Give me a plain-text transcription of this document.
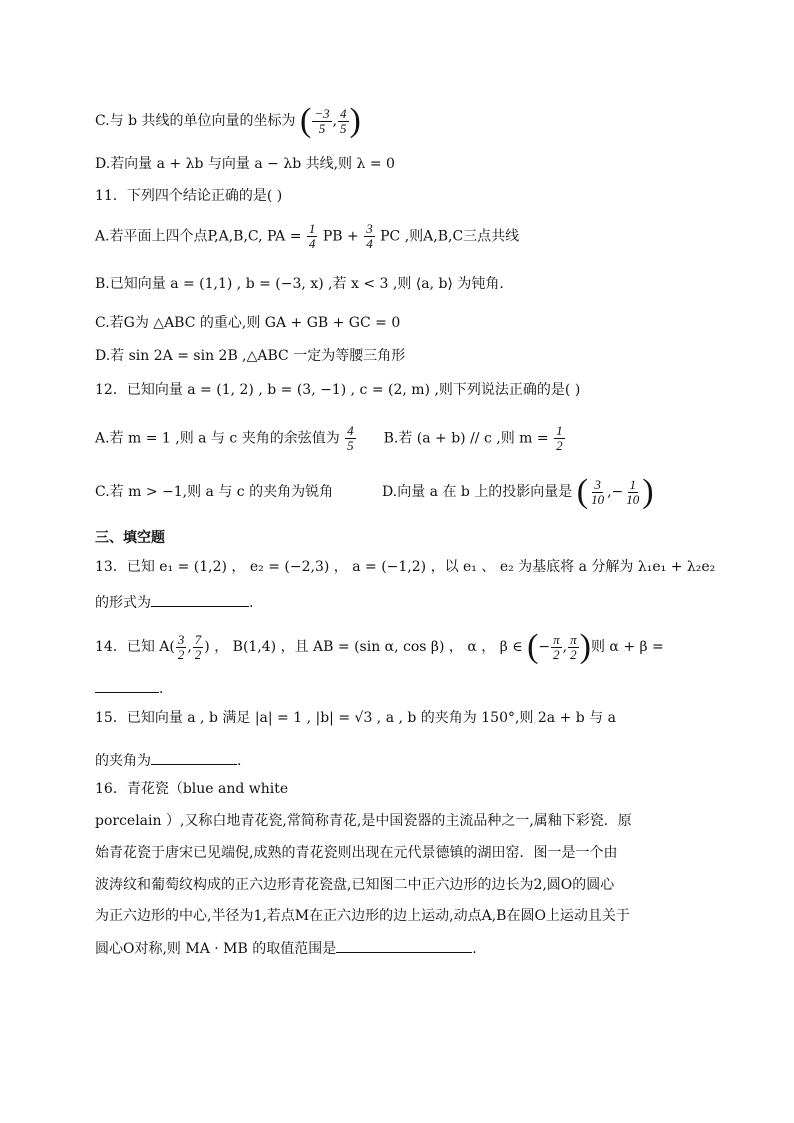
C.与 b 共线的单位向量的坐标为 ( $\frac{-3}{5}$ , $\frac{4}{5}$ )
D.若向量 a + λb 与向量 a − λb 共线,则 λ = 0
11．下列四个结论正确的是( )
A.若平面上四个点P,A,B,C, PA = $\frac{1}{4}$ PB + $\frac{3}{4}$ PC ,则A,B,C三点共线
B.已知向量 a = (1,1) , b = (−3, x) ,若 x < 3 ,则 ⟨a, b⟩ 为钝角.
C.若G为 △ABC 的重心,则 GA + GB + GC = 0
D.若 sin 2A = sin 2B ,△ABC 一定为等腰三角形
12．已知向量 a = (1, 2) , b = (3, −1) , c = (2, m) ,则下列说法正确的是( )
A.若 m = 1 ,则 a 与 c 夹角的余弦值为 $\frac{4}{5} B$.若 (a + b) // c ,则 $m = \frac{1}{2}$
C.若 m > −1,则 a 与 c 的夹角为锐角	D.向量 a 在 b 上的投影向量是 ( $\frac{3}{10}$ ,− $\frac{1}{10}$ )
三、填空题
13．已知 e₁ = (1,2) ， e₂ = (−2,3) ， a = (−1,2) ，以 e₁ 、 e₂ 为基底将 a 分解为 λ₁e₁ + λ₂e₂
的形式为	.
14．已知 $A( \frac{3}{2}$ , $\frac{7}{2}$ ) ， B(1,4) ，且 AB = (sin α, cos β) ， α ， β ∈ (− $\frac{\pi}{2}$ , $\frac{\pi}{2}$ )则 α + β =
.
15．已知向量 a , b 满足 |a| = 1 , |b| = √3 , a , b 的夹角为 150°,则 2a + b 与 a
的夹角为	.
16．青花瓷（blue and white
porcelain ）,又称白地青花瓷,常简称青花,是中国瓷器的主流品种之一,属釉下彩瓷．原
始青花瓷于唐宋已见端倪,成熟的青花瓷则出现在元代景德镇的湖田窑．图一是一个由
波涛纹和葡萄纹构成的正六边形青花瓷盘,已知图二中正六边形的边长为2,圆O的圆心
为正六边形的中心,半径为1,若点M在正六边形的边上运动,动点A,B在圆O上运动且关于
圆心O对称,则 MA · MB 的取值范围是	.
